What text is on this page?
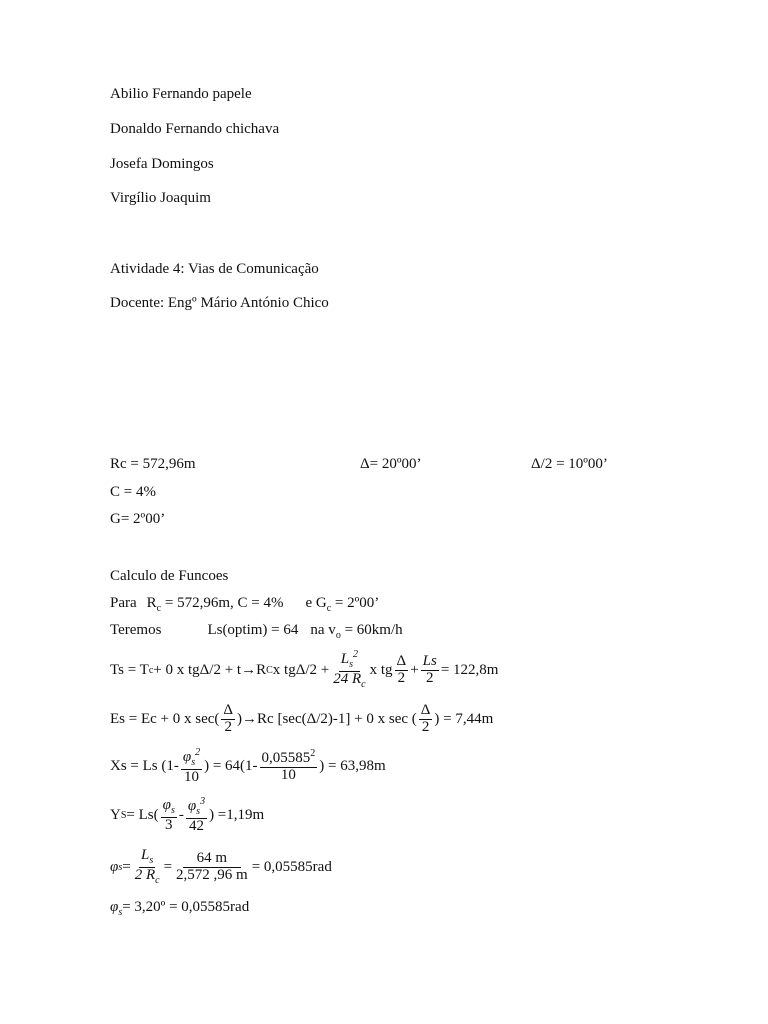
Abilio Fernando papele
Donaldo Fernando chichava
Josefa Domingos
Virgílio Joaquim
Atividade 4: Vias de Comunicação
Docente: Engº Mário António Chico
Rc = 572,96m	Δ= 20º00’	Δ/2 = 10º00’
C = 4%
G= 2º00’
Calculo de Funcoes
Para $R_c = 572,96m$, C = 4% e $G_c$ = 2º00’
Teremos	Ls(optim) = 64 na $v_o = 60km/h$
Ts = T c + 0 x tgΔ/2 + t → R C x $tg\Delta/2 + \frac{L_s^2}{24 R_c}$ x tg $\frac{\Delta}{2} + \frac{Ls}{2} = 122,8m$
Es = Ec + 0 x $\sec( \frac{\Delta}{2}$ ) → Rc [sec(Δ/2)-1] + 0 x sec ( $\frac{\Delta}{2}$ ) = 7,44m
Xs = Ls ($1- \frac{\varphi_s^2}{10}$ ) = $64(1- \frac{0,05585^2}{10}$ ) = 63,98m
Y $S = Ls( \frac{\varphi_s}{3} - \frac{\varphi_s^3}{42}$ ) =1,19m
φ $s = \frac{L_s}{2 R_c} = \frac{64 m}{2,572 ,96 m} = 0,05585rad$
$\varphi_s=$ 3,20º = 0,05585rad
